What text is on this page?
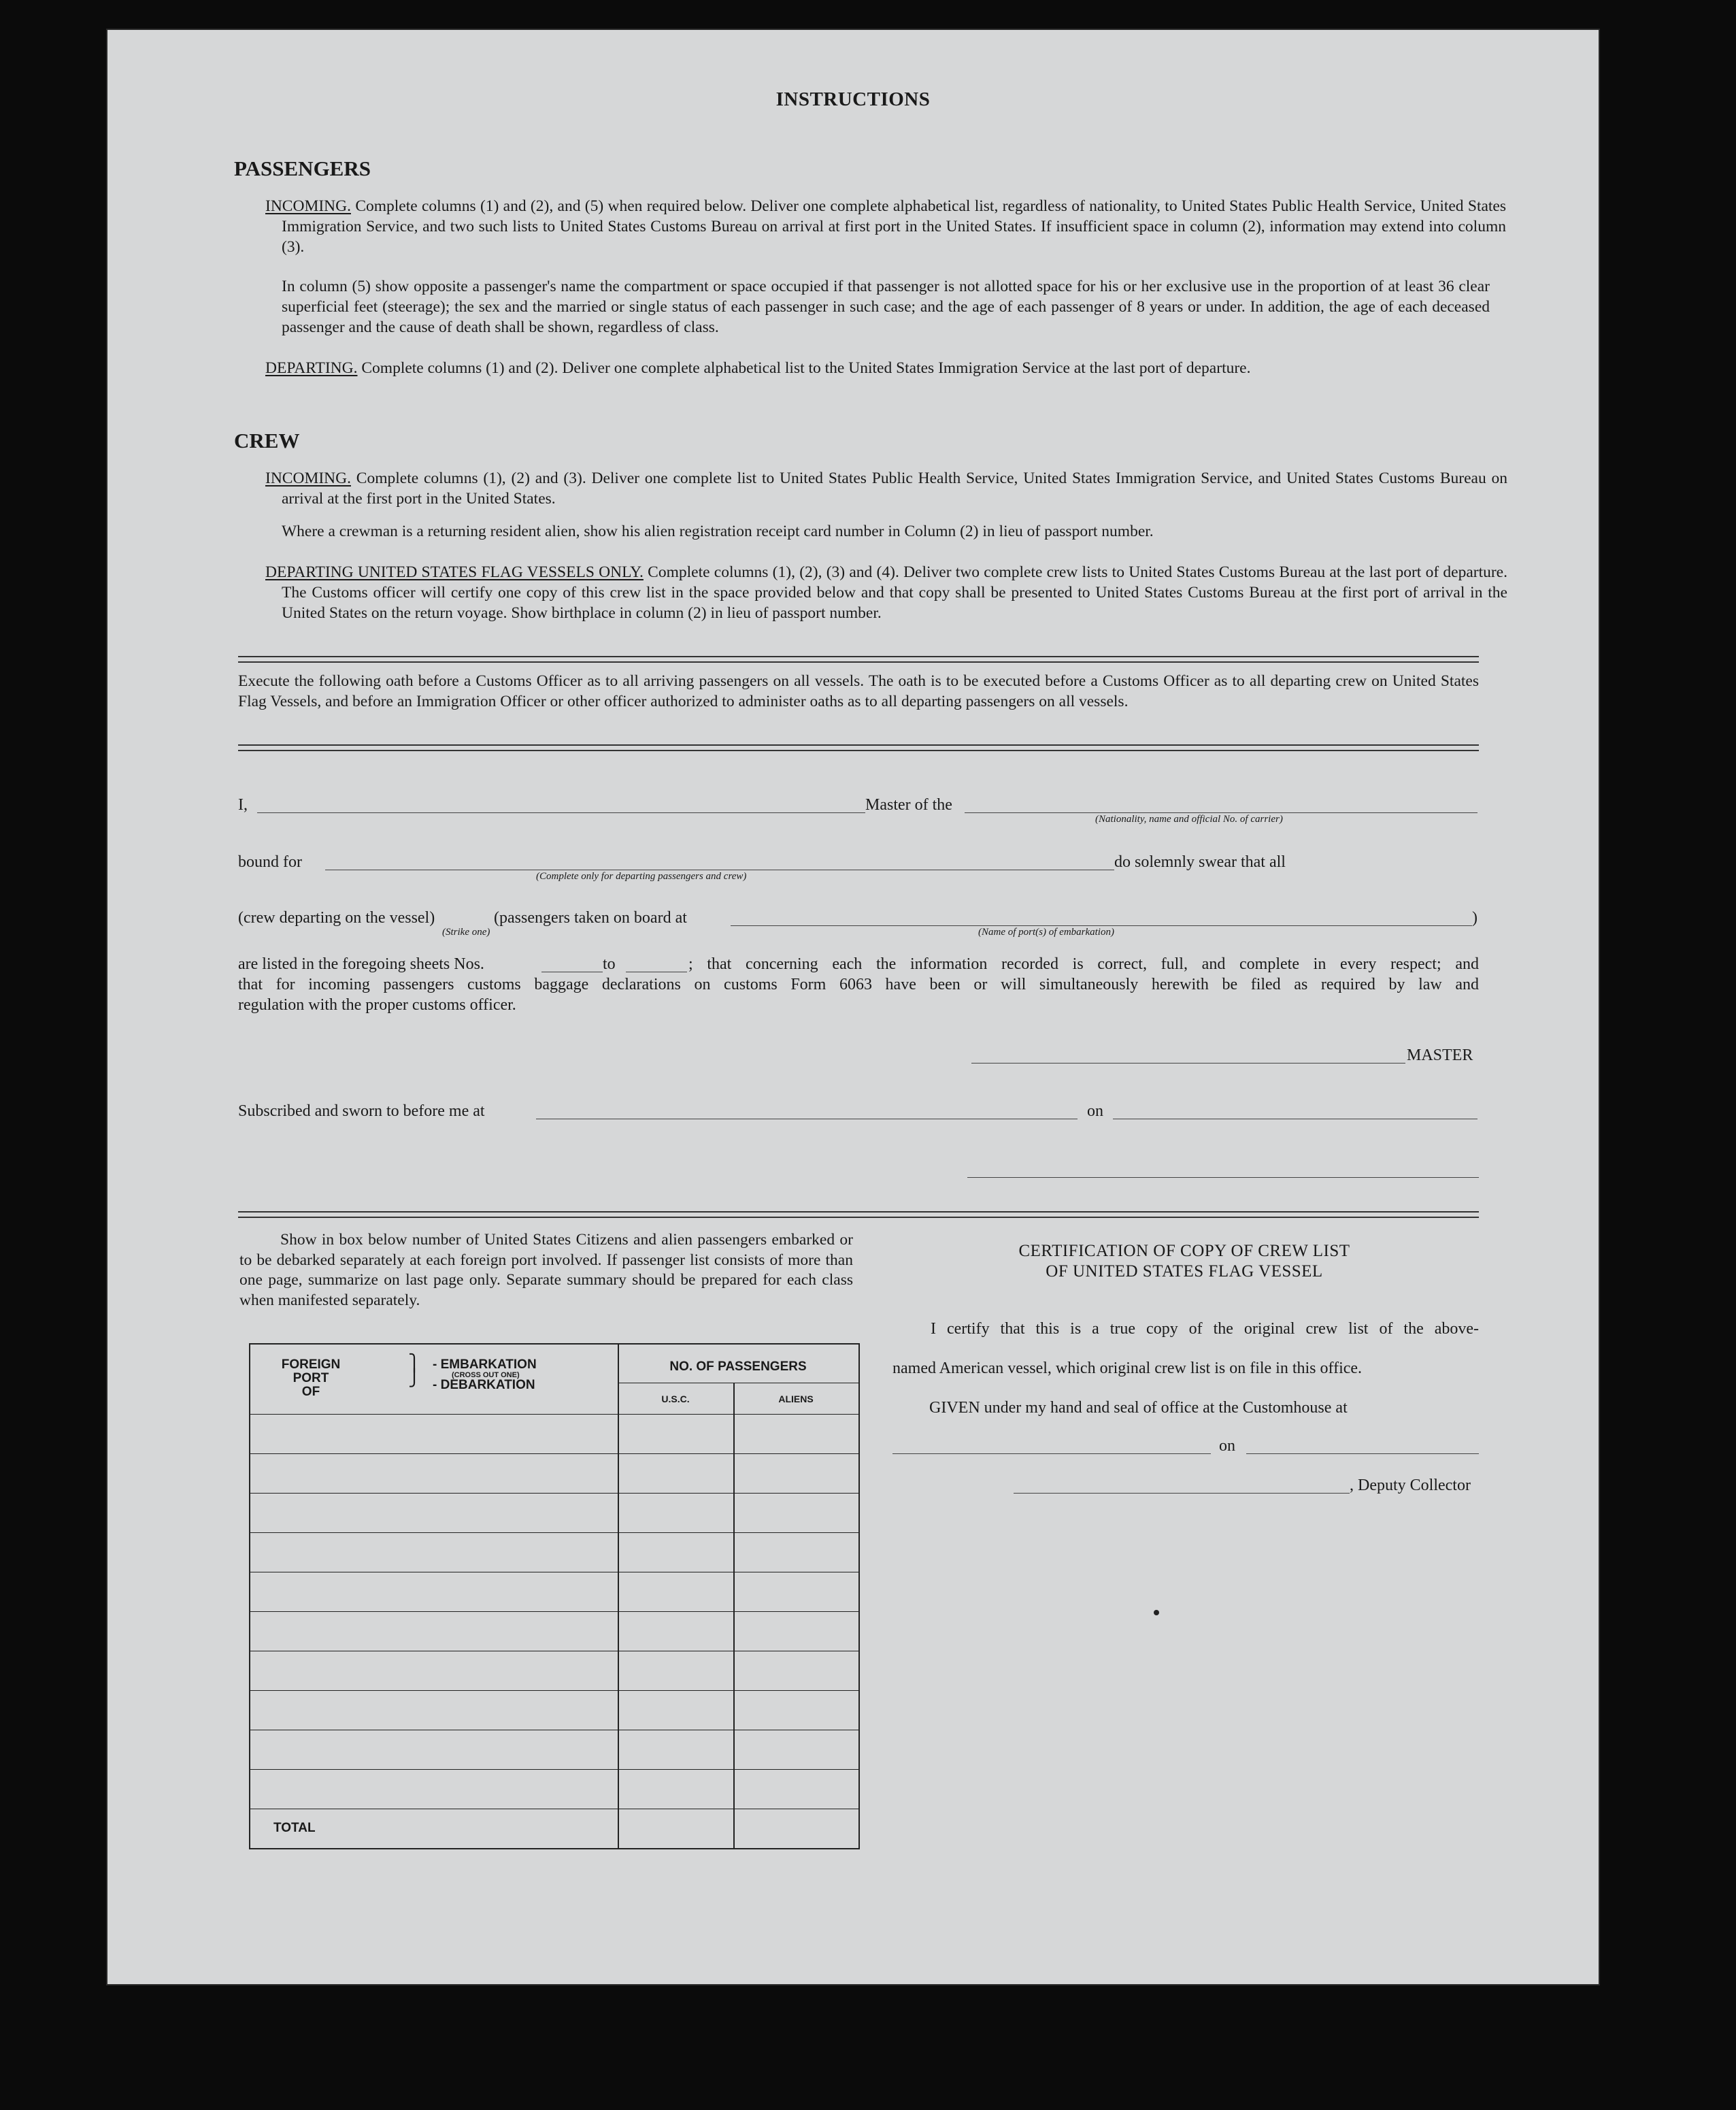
INSTRUCTIONS
PASSENGERS
INCOMING. Complete columns (1) and (2), and (5) when required below. Deliver one complete alphabetical list, regardless of nationality, to United States Public Health Service, United States Immigration Service, and two such lists to United States Customs Bureau on arrival at first port in the United States. If insufficient space in column (2), information may extend into column (3).
In column (5) show opposite a passenger's name the compartment or space occupied if that passenger is not allotted space for his or her exclusive use in the proportion of at least 36 clear superficial feet (steerage); the sex and the married or single status of each passenger in such case; and the age of each passenger of 8 years or under. In addition, the age of each deceased passenger and the cause of death shall be shown, regardless of class.
DEPARTING. Complete columns (1) and (2). Deliver one complete alphabetical list to the United States Immigration Service at the last port of departure.
CREW
INCOMING. Complete columns (1), (2) and (3). Deliver one complete list to United States Public Health Service, United States Immigration Service, and United States Customs Bureau on arrival at the first port in the United States.
Where a crewman is a returning resident alien, show his alien registration receipt card number in Column (2) in lieu of passport number.
DEPARTING UNITED STATES FLAG VESSELS ONLY. Complete columns (1), (2), (3) and (4). Deliver two complete crew lists to United States Customs Bureau at the last port of departure. The Customs officer will certify one copy of this crew list in the space provided below and that copy shall be presented to United States Customs Bureau at the first port of arrival in the United States on the return voyage. Show birthplace in column (2) in lieu of passport number.
Execute the following oath before a Customs Officer as to all arriving passengers on all vessels. The oath is to be executed before a Customs Officer as to all departing crew on United States Flag Vessels, and before an Immigration Officer or other officer authorized to administer oaths as to all departing passengers on all vessels.
I,	Master of the
(Nationality, name and official No. of carrier)
bound for
(Complete only for departing passengers and crew)
do solemnly swear that all
(crew departing on the vessel)
(Strike one)
(passengers taken on board at
(Name of port(s) of embarkation)
)
are listed in the foregoing sheets Nos.	to	; that concerning each the information recorded is correct, full, and complete in every respect; and
that for incoming passengers customs baggage declarations on customs Form 6063 have been or will simultaneously herewith be filed as required by law and
regulation with the proper customs officer.
MASTER
Subscribed and sworn to before me at	on
Show in box below number of United States Citizens and alien passengers embarked or to be debarked separately at each foreign port involved. If passenger list consists of more than one page, summarize on last page only. Separate summary should be prepared for each class when manifested separately.
FOREIGN
PORT
OF
⎫
⎭
- EMBARKATION
(CROSS OUT ONE)
- DEBARKATION
NO. OF PASSENGERS
U.S.C.	ALIENS
TOTAL
CERTIFICATION OF COPY OF CREW LIST
OF UNITED STATES FLAG VESSEL
I certify that this is a true copy of the original crew list of the above-
named American vessel, which original crew list is on file in this office.
GIVEN under my hand and seal of office at the Customhouse at
on
, Deputy Collector
